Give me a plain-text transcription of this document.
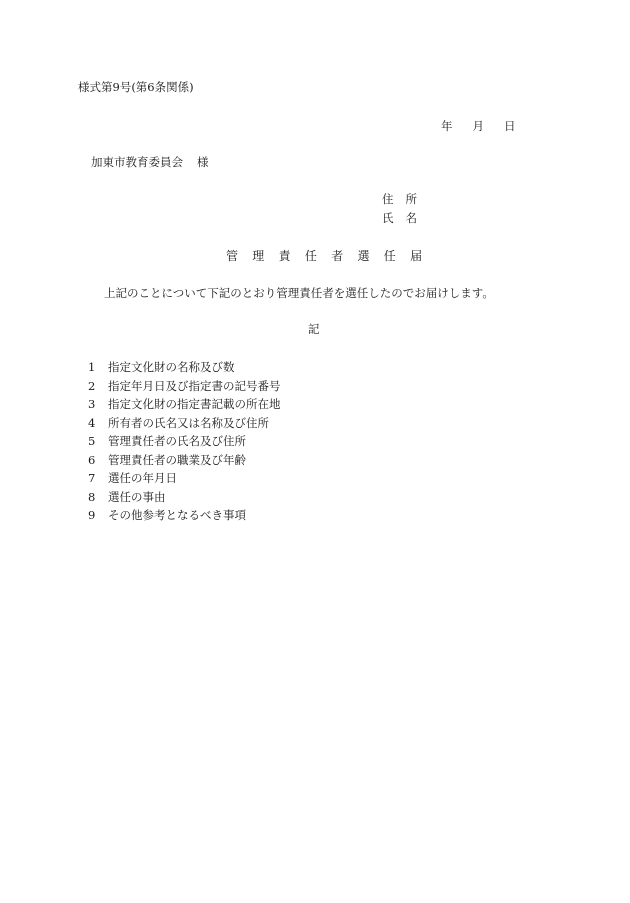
様式第9号(第6条関係)
年 月 日
加東市教育委員会 様
住所
氏名
管理責任者選任届
上記のことについて下記のとおり管理責任者を選任したのでお届けします。
記
1 指定文化財の名称及び数
2 指定年月日及び指定書の記号番号
3 指定文化財の指定書記載の所在地
4 所有者の氏名又は名称及び住所
5 管理責任者の氏名及び住所
6 管理責任者の職業及び年齢
7 選任の年月日
8 選任の事由
9 その他参考となるべき事項
